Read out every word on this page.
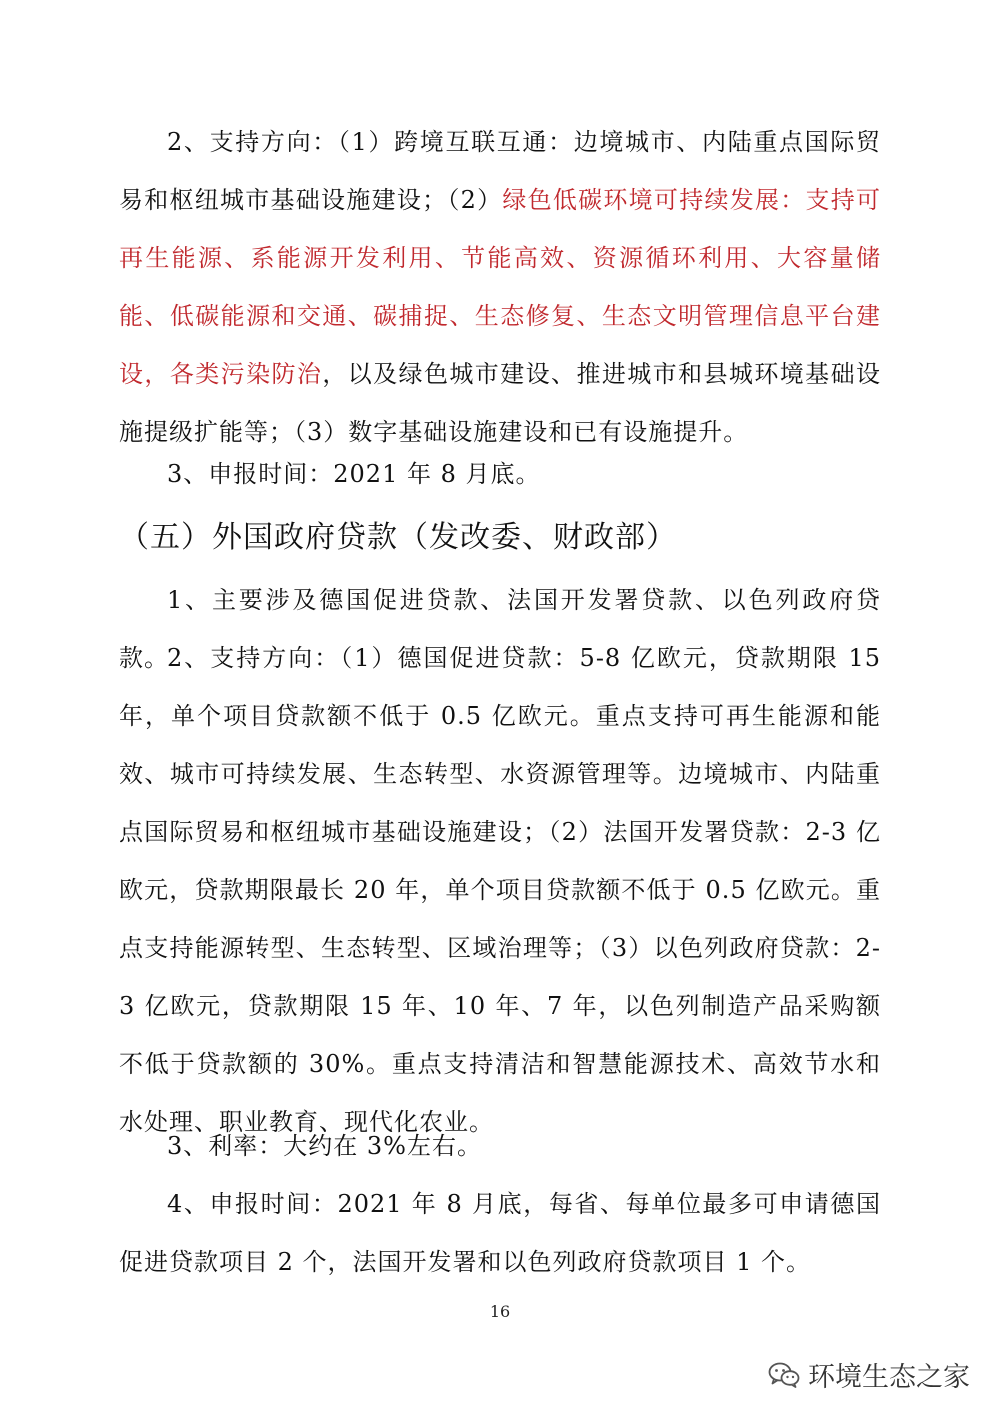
2、支持方向：（1）跨境互联互通：边境城市、内陆重点国际贸易和枢纽城市基础设施建设；（2）绿色低碳环境可持续发展：支持可再生能源、系能源开发利用、节能高效、资源循环利用、大容量储能、低碳能源和交通、碳捕捉、生态修复、生态文明管理信息平台建设，各类污染防治，以及绿色城市建设、推进城市和县城环境基础设施提级扩能等；（3）数字基础设施建设和已有设施提升。

3、申报时间：2021 年 8 月底。

（五）外国政府贷款（发改委、财政部）

1、主要涉及德国促进贷款、法国开发署贷款、以色列政府贷款。

2、支持方向：（1）德国促进贷款：5-8 亿欧元，贷款期限 15 年，单个项目贷款额不低于 0.5 亿欧元。重点支持可再生能源和能效、城市可持续发展、生态转型、水资源管理等。边境城市、内陆重点国际贸易和枢纽城市基础设施建设；（2）法国开发署贷款：2-3 亿欧元，贷款期限最长 20 年，单个项目贷款额不低于 0.5 亿欧元。重点支持能源转型、生态转型、区域治理等；（3）以色列政府贷款：2-3 亿欧元，贷款期限 15 年、10 年、7 年，以色列制造产品采购额不低于贷款额的 30%。重点支持清洁和智慧能源技术、高效节水和水处理、职业教育、现代化农业。

3、利率：大约在 3%左右。

4、申报时间：2021 年 8 月底，每省、每单位最多可申请德国促进贷款项目 2 个，法国开发署和以色列政府贷款项目 1 个。

16
环境生态之家
